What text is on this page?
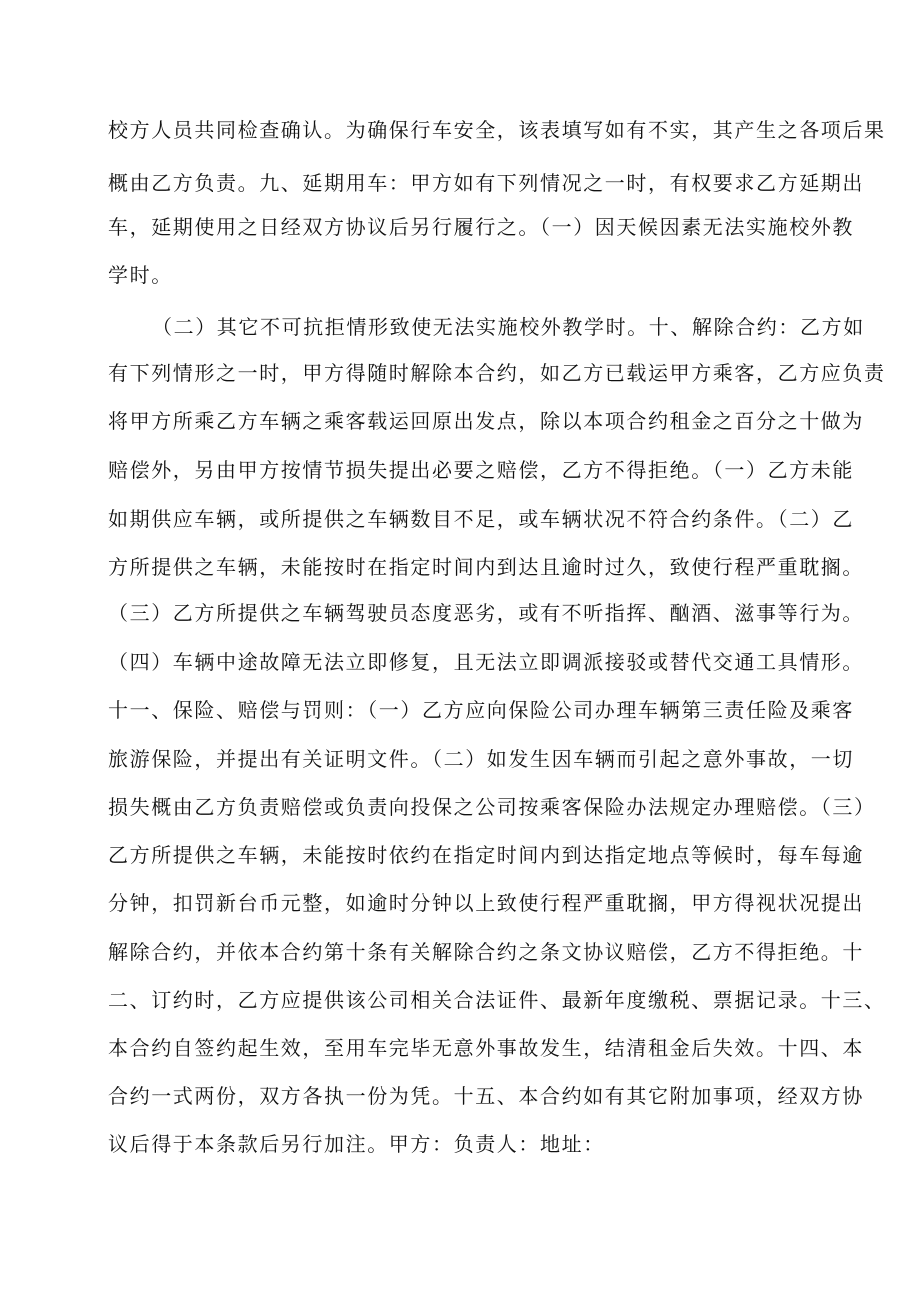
校方人员共同检查确认。为确保行车安全，该表填写如有不实，其产生之各项后果
概由乙方负责。九、延期用车：甲方如有下列情况之一时，有权要求乙方延期出
车，延期使用之日经双方协议后另行履行之。（一）因天候因素无法实施校外教
学时。
（二）其它不可抗拒情形致使无法实施校外教学时。十、解除合约：乙方如
有下列情形之一时，甲方得随时解除本合约，如乙方已载运甲方乘客，乙方应负责
将甲方所乘乙方车辆之乘客载运回原出发点，除以本项合约租金之百分之十做为
赔偿外，另由甲方按情节损失提出必要之赔偿，乙方不得拒绝。（一）乙方未能
如期供应车辆，或所提供之车辆数目不足，或车辆状况不符合约条件。（二）乙
方所提供之车辆，未能按时在指定时间内到达且逾时过久，致使行程严重耽搁。
（三）乙方所提供之车辆驾驶员态度恶劣，或有不听指挥、酗酒、滋事等行为。
（四）车辆中途故障无法立即修复，且无法立即调派接驳或替代交通工具情形。
十一、保险、赔偿与罚则：（一）乙方应向保险公司办理车辆第三责任险及乘客
旅游保险，并提出有关证明文件。（二）如发生因车辆而引起之意外事故，一切
损失概由乙方负责赔偿或负责向投保之公司按乘客保险办法规定办理赔偿。（三）
乙方所提供之车辆，未能按时依约在指定时间内到达指定地点等候时，每车每逾
分钟，扣罚新台币元整，如逾时分钟以上致使行程严重耽搁，甲方得视状况提出
解除合约，并依本合约第十条有关解除合约之条文协议赔偿，乙方不得拒绝。十
二、订约时，乙方应提供该公司相关合法证件、最新年度缴税、票据记录。十三、
本合约自签约起生效，至用车完毕无意外事故发生，结清租金后失效。十四、本
合约一式两份，双方各执一份为凭。十五、本合约如有其它附加事项，经双方协
议后得于本条款后另行加注。甲方：负责人：地址：
